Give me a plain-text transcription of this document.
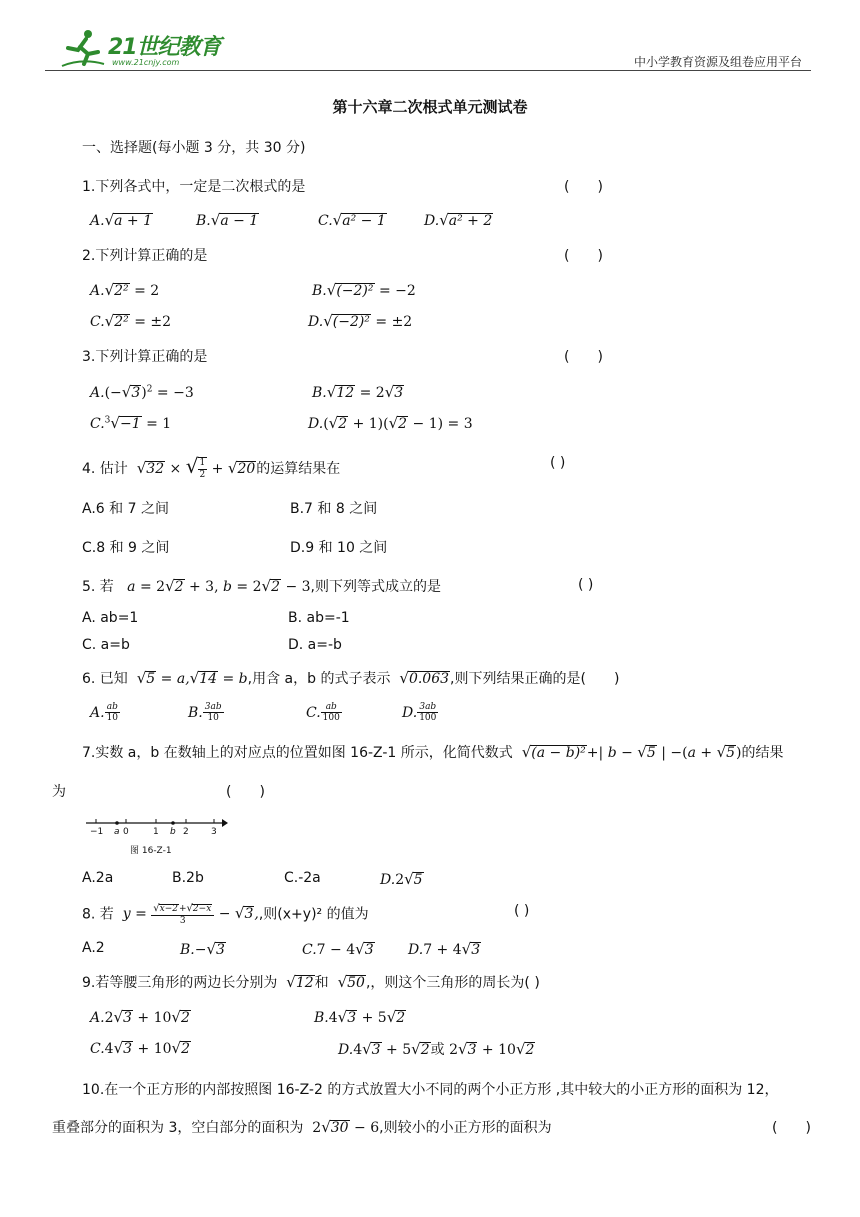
21世纪教育
www.21cnjy.com	中小学教育资源及组卷应用平台
第十六章二次根式单元测试卷
一、选择题(每小题 3 分，共 30 分)
1.下列各式中，一定是二次根式的是	(　　)
A.√a + 1	B.√a − 1	C.√a² − 1	D.√a² + 2
2.下列计算正确的是	(　　)
A.√2² = 2	B.√(−2)² = −2
C.√2² = ±2	D.√(−2)² = ±2
3.下列计算正确的是	(　　)
$A.(-√3)^2 = -3$	B.√12 = 2√3
C.$^3$√−1 = 1	D.(√2 + 1)(√2 − 1) = 3
4. 估计 √32 × √ $\frac{1}{2} + √20$的运算结果在	( )
A.6 和 7 之间	B.7 和 8 之间
C.8 和 9 之间	D.9 和 10 之间
5. 若 a = 2√2 + 3, b = 2√2 − 3,则下列等式成立的是	( )
A. ab=1	B. ab=-1
C. a=b	D. a=-b
6. 已知 √5 = a,√14 = b,用含 a，b 的式子表示 √0.063,则下列结果正确的是(　　)
A. $\frac{ab}{10}$	B. $\frac{3ab}{10}$	C. $\frac{ab}{100}$	D. $\frac{3ab}{100}$
7.实数 a，b 在数轴上的对应点的位置如图 16-Z-1 所示，化简代数式 √(a − b)²+| b − √5 | −(a + √5)的结果
为	(　　)
−1 a 0	1 b 2 3
图 16-Z-1
A.2a	B.2b	C.-2a	D.2√5
8. 若 $y = \frac{√x-2+√2-x}{3} - √3$,,则(x+y)² 的值为	( )
A.2	B.−√3	C.7 − 4√3 D.7 + 4√3
9.若等腰三角形的两边长分别为 √12和 √50,，则这个三角形的周长为( )
A.2√3 + 10√2	B.4√3 + 5√2
C.4√3 + 10√2	D.4√3 + 5√2或 2√3 + 10√2
10.在一个正方形的内部按照图 16-Z-2 的方式放置大小不同的两个小正方形 ,其中较大的小正方形的面积为 12，
重叠部分的面积为 3，空白部分的面积为 2√30 − 6,则较小的小正方形的面积为	(　　)
